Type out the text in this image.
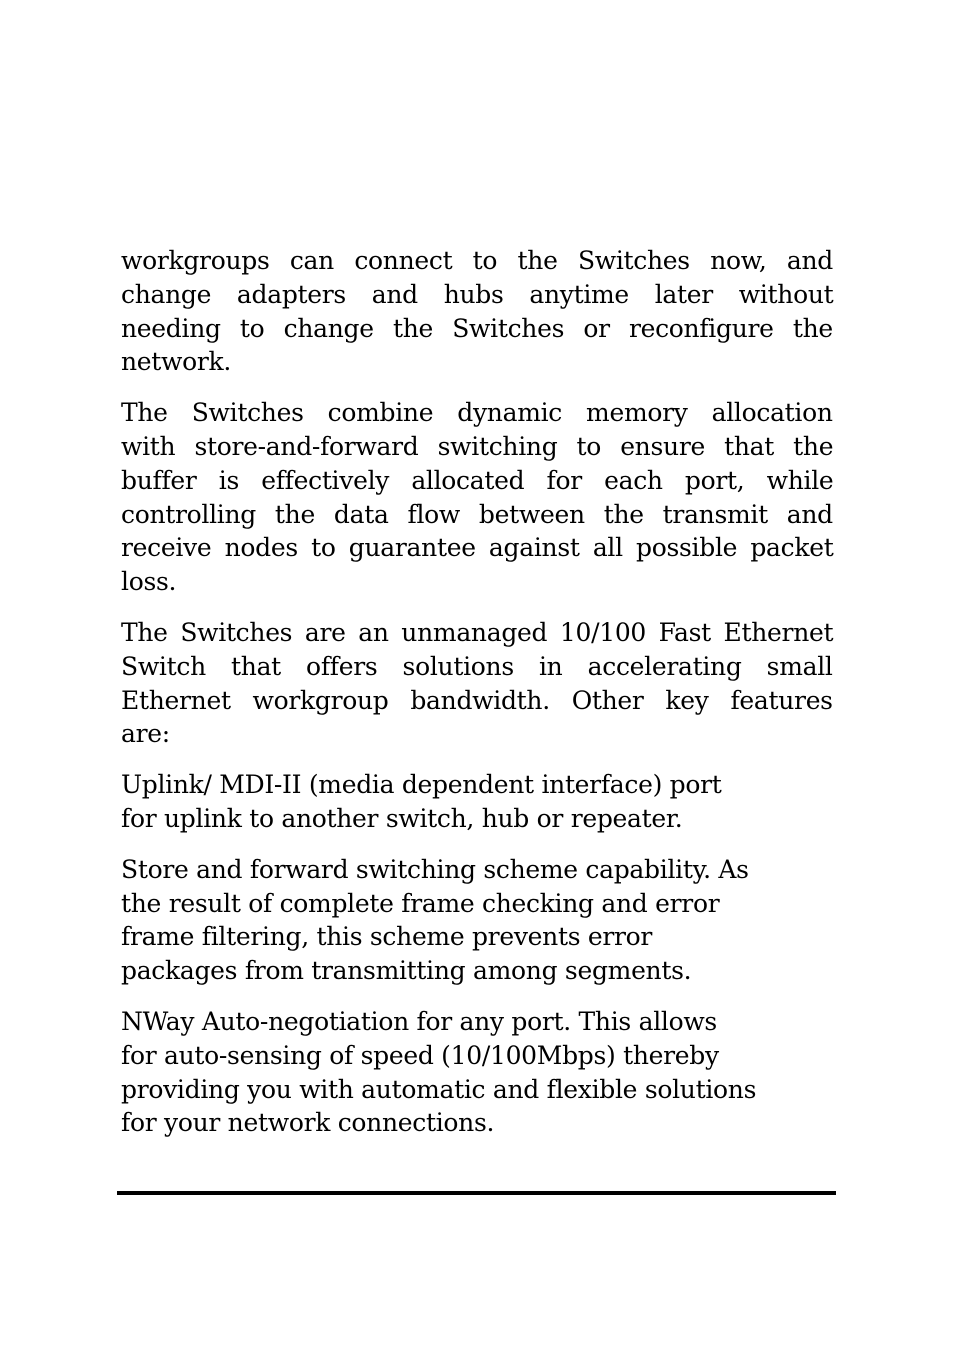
workgroups can connect to the Switches now, and
change adapters and hubs anytime later without
needing to change the Switches or reconfigure the
network.

The Switches combine dynamic memory allocation
with store-and-forward switching to ensure that the
buffer is effectively allocated for each port, while
controlling the data flow between the transmit and
receive nodes to guarantee against all possible packet
loss.

The Switches are an unmanaged 10/100 Fast Ethernet
Switch that offers solutions in accelerating small
Ethernet workgroup bandwidth. Other key features
are:

Uplink/ MDI-II (media dependent interface) port
for uplink to another switch, hub or repeater.

Store and forward switching scheme capability. As
the result of complete frame checking and error
frame filtering, this scheme prevents error
packages from transmitting among segments.

NWay Auto-negotiation for any port. This allows
for auto-sensing of speed (10/100Mbps) thereby
providing you with automatic and flexible solutions
for your network connections.
